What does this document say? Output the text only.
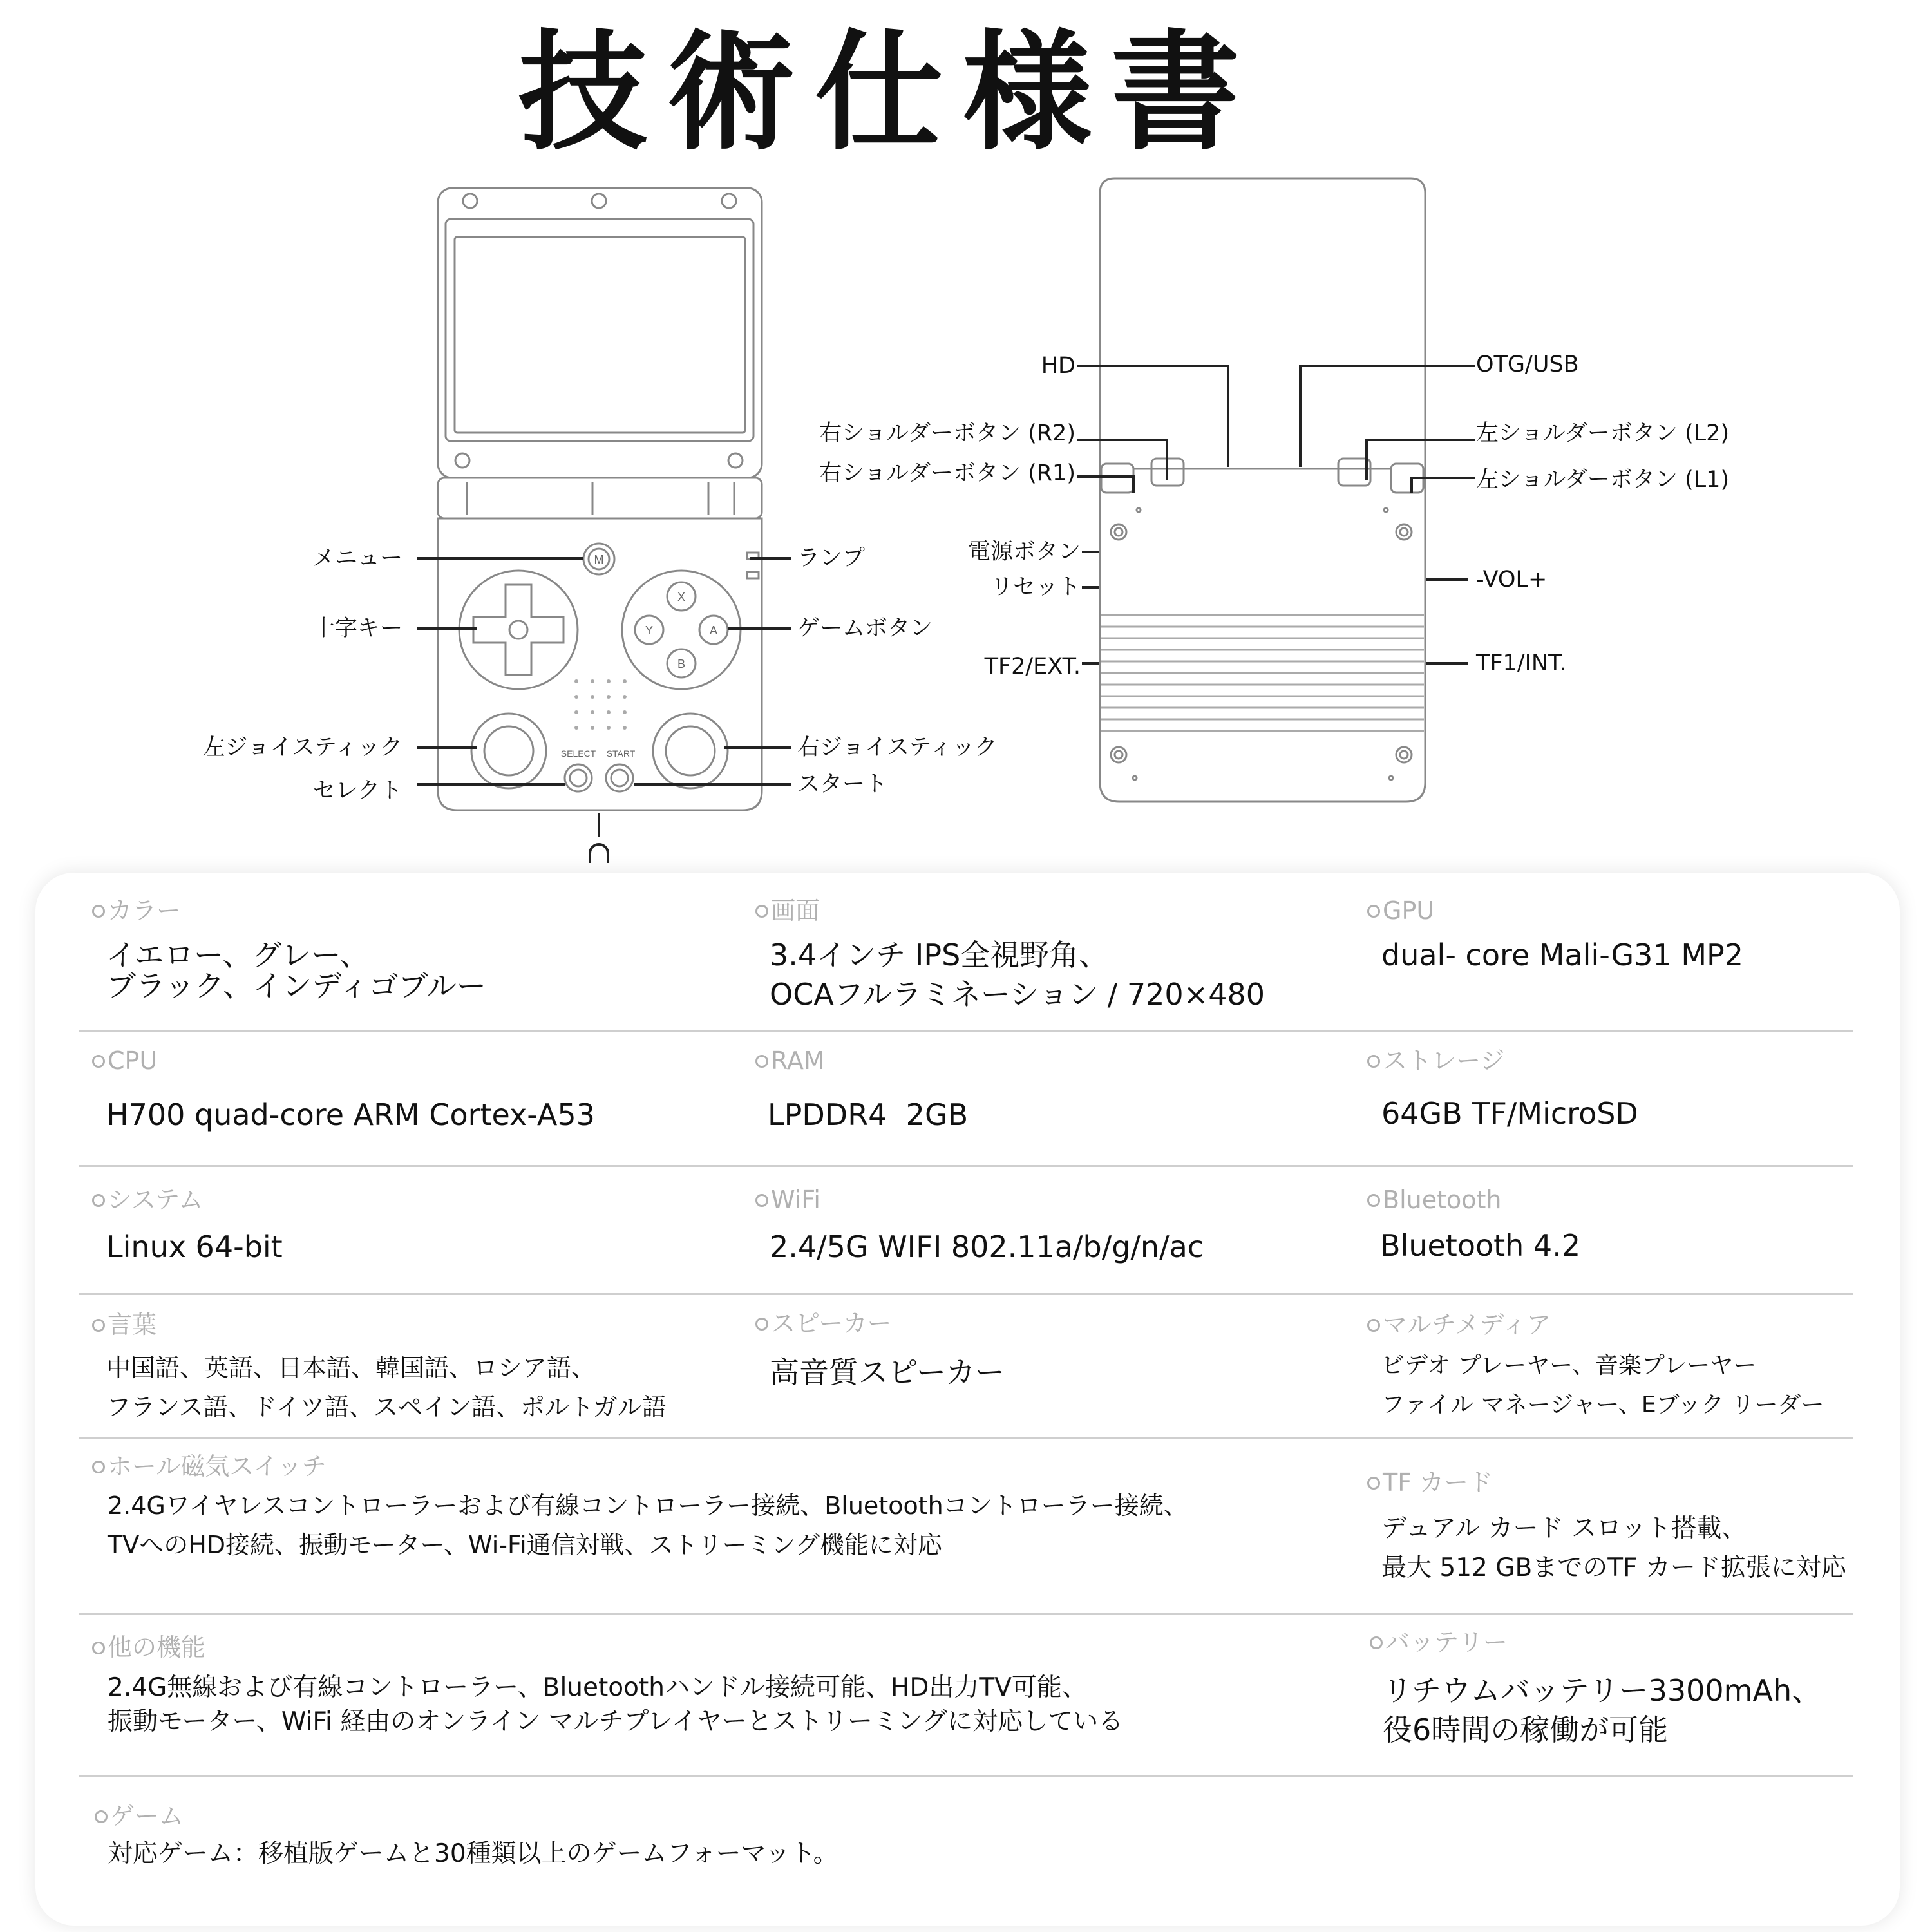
技術仕様書
M
X
Y	A
B
SELECT START
メニュー
十字キー
左ジョイスティック
セレクト
ランプ
ゲームボタン
右ジョイスティック
スタート
HD
右ショルダーボタン (R2)
右ショルダーボタン (R1)
電源ボタン
リセット
TF2/EXT.
OTG/USB
左ショルダーボタン (L2)
左ショルダーボタン (L1)
-VOL+
TF1/INT.
カラー
イエロー、グレー、
ブラック、インディゴブルー
画面
3.4インチ IPS全視野角、
OCAフルラミネーション / 720×480
GPU
dual- core Mali-G31 MP2
CPU
H700 quad-core ARM Cortex-A53
RAM
LPDDR4  2GB
ストレージ
64GB TF/MicroSD
システム
Linux 64-bit
WiFi
2.4/5G WIFI 802.11a/b/g/n/ac
Bluetooth
Bluetooth 4.2
言葉
中国語、英語、日本語、韓国語、ロシア語、
フランス語、ドイツ語、スペイン語、ポルトガル語
スピーカー
高音質スピーカー
マルチメディア
ビデオ プレーヤー、音楽プレーヤー
ファイル マネージャー、Eブック リーダー
ホール磁気スイッチ
2.4Gワイヤレスコントローラーおよび有線コントローラー接続、Bluetoothコントローラー接続、
TVへのHD接続、振動モーター、Wi-Fi通信対戦、ストリーミング機能に対応
TF カード
デュアル カード スロット搭載、
最大 512 GBまでのTF カード拡張に対応
他の機能
2.4G無線および有線コントローラー、Bluetoothハンドル接続可能、HD出力TV可能、
振動モーター、WiFi 経由のオンライン マルチプレイヤーとストリーミングに対応している
バッテリー
リチウムバッテリー3300mAh、
役6時間の稼働が可能
ゲーム
対応ゲーム：移植版ゲームと30種類以上のゲームフォーマット。
